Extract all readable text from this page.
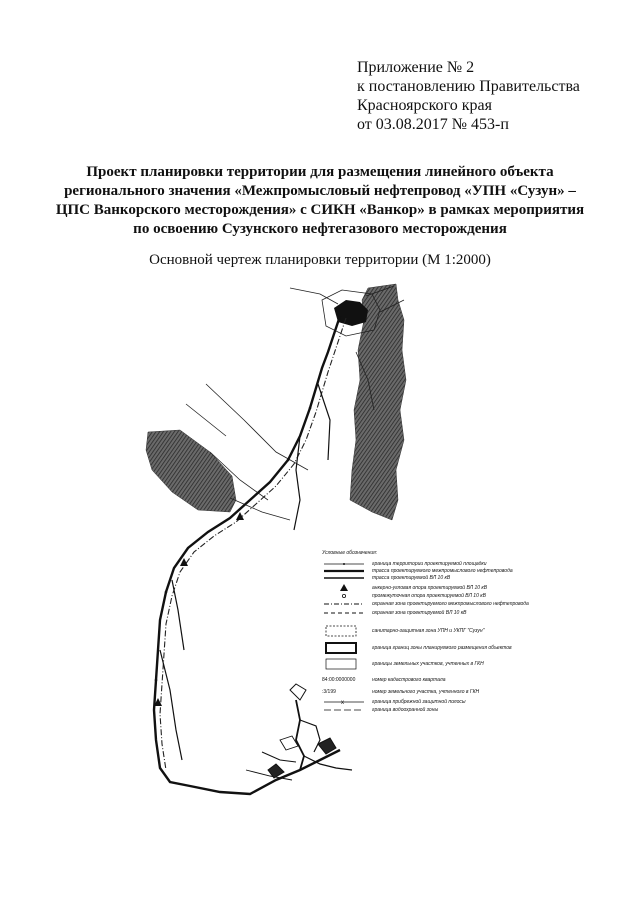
Приложение № 2
к постановлению Правительства
Красноярского края
от 03.08.2017 № 453-п
Проект планировки территории для размещения линейного объекта
регионального значения «Межпромысловый нефтепровод «УПН «Сузун» –
ЦПС Ванкорского месторождения» с СИКН «Ванкор» в рамках мероприятия
по освоению Сузунского нефтегазового месторождения
Основной чертеж планировки территории (М 1:2000)
Условные обозначения:
граница территории проектируемой площадки
трасса проектируемого межпромыслового нефтепровода
трасса проектируемой ВЛ 10 кВ
анкерно-угловая опора проектируемой ВЛ 10 кВ
промежуточная опора проектируемой ВЛ 10 кВ
охранная зона проектируемого межпромыслового нефтепровода
охранная зона проектируемой ВЛ 10 кВ
санитарно-защитная зона УПН и УКПГ "Сузун"
граница границ зоны планируемого размещения объектов
границы земельных участков, учтенных в ГКН
84:00:0000000	номер кадастрового квартала
:3/199	номер земельного участка, учтенного в ГКН
x	граница прибрежной защитной полосы
граница водоохранной зоны
